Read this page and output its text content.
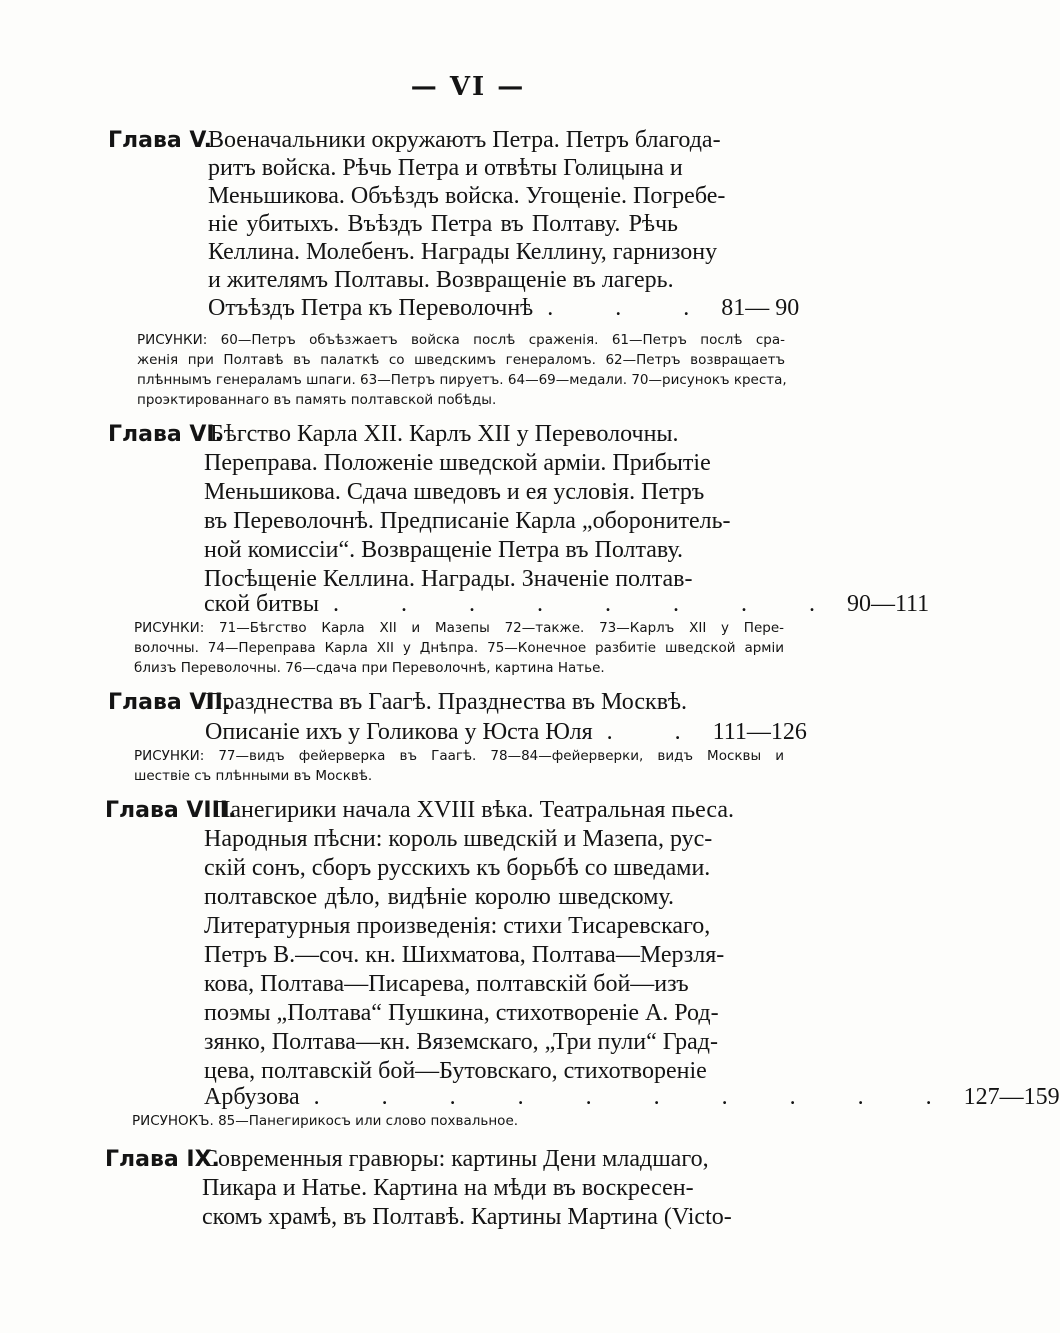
— VI —
Глава V.
Военачальники окружаютъ Петра. Петръ благода-
ритъ войска. Рѣчь Петра и отвѣты Голицына и
Меньшикова. Объѣздъ войска. Угощеніе. Погребе-
ніе убитыхъ. Въѣздъ Петра въ Полтаву. Рѣчь
Келлина. Молебенъ. Награды Келлину, гарнизону
и жителямъ Полтавы. Возвращеніе въ лагерь.
Отъѣздъ Петра къ Переволочнѣ . . . 81— 90
РИСУНКИ: 60—Петръ объѣзжаетъ войска послѣ сраженія. 61—Петръ послѣ сра-
женія при Полтавѣ въ палаткѣ со шведскимъ генераломъ. 62—Петръ возвращаетъ
плѣннымъ генераламъ шпаги. 63—Петръ пируетъ. 64—69—медали. 70—рисунокъ креста,
проэктированнаго въ память полтавской побѣды.
Глава VI.
Бѣгство Карла XII. Карлъ XII у Переволочны.
Переправа. Положеніе шведской арміи. Прибытіе
Меньшикова. Сдача шведовъ и ея условія. Петръ
въ Переволочнѣ. Предписаніе Карла „оборонитель-
ной комиссіи“. Возвращеніе Петра въ Полтаву.
Посѣщеніе Келлина. Награды. Значеніе полтав-
ской битвы . . . . . . . . 90—111
РИСУНКИ: 71—Бѣгство Карла XII и Мазепы 72—также. 73—Карлъ XII у Пере-
волочны. 74—Переправа Карла XII у Днѣпра. 75—Конечное разбитіе шведской арміи
близъ Переволочны. 76—сдача при Переволочнѣ, картина Натье.
Глава VII.
Празднества въ Гаагѣ. Празднества въ Москвѣ.
Описаніе ихъ у Голикова у Юста Юля . . 111—126
РИСУНКИ: 77—видъ фейерверка въ Гаагѣ. 78—84—фейерверки, видъ Москвы и
шествіе съ плѣнными въ Москвѣ.
Глава VIII.
Панегирики начала XVIII вѣка. Театральная пьеса.
Народныя пѣсни: король шведскій и Мазепа, рус-
скій сонъ, сборъ русскихъ къ борьбѣ со шведами.
полтавское дѣло, видѣніе королю шведскому.
Литературныя произведенія: стихи Тисаревскаго,
Петръ В.—соч. кн. Шихматова, Полтава—Мерзля-
кова, Полтава—Писарева, полтавскій бой—изъ
поэмы „Полтава“ Пушкина, стихотвореніе А. Род-
зянко, Полтава—кн. Вяземскаго, „Три пули“ Град-
цева, полтавскій бой—Бутовскаго, стихотвореніе
Арбузова . . . . . . . . . . 127—159
РИСУНОКЪ. 85—Панегирикосъ или слово похвальное.
Глава IX.
Современныя гравюры: картины Дени младшаго,
Пикара и Натье. Картина на мѣди въ воскресен-
скомъ храмѣ, въ Полтавѣ. Картины Мартина (Victo-
